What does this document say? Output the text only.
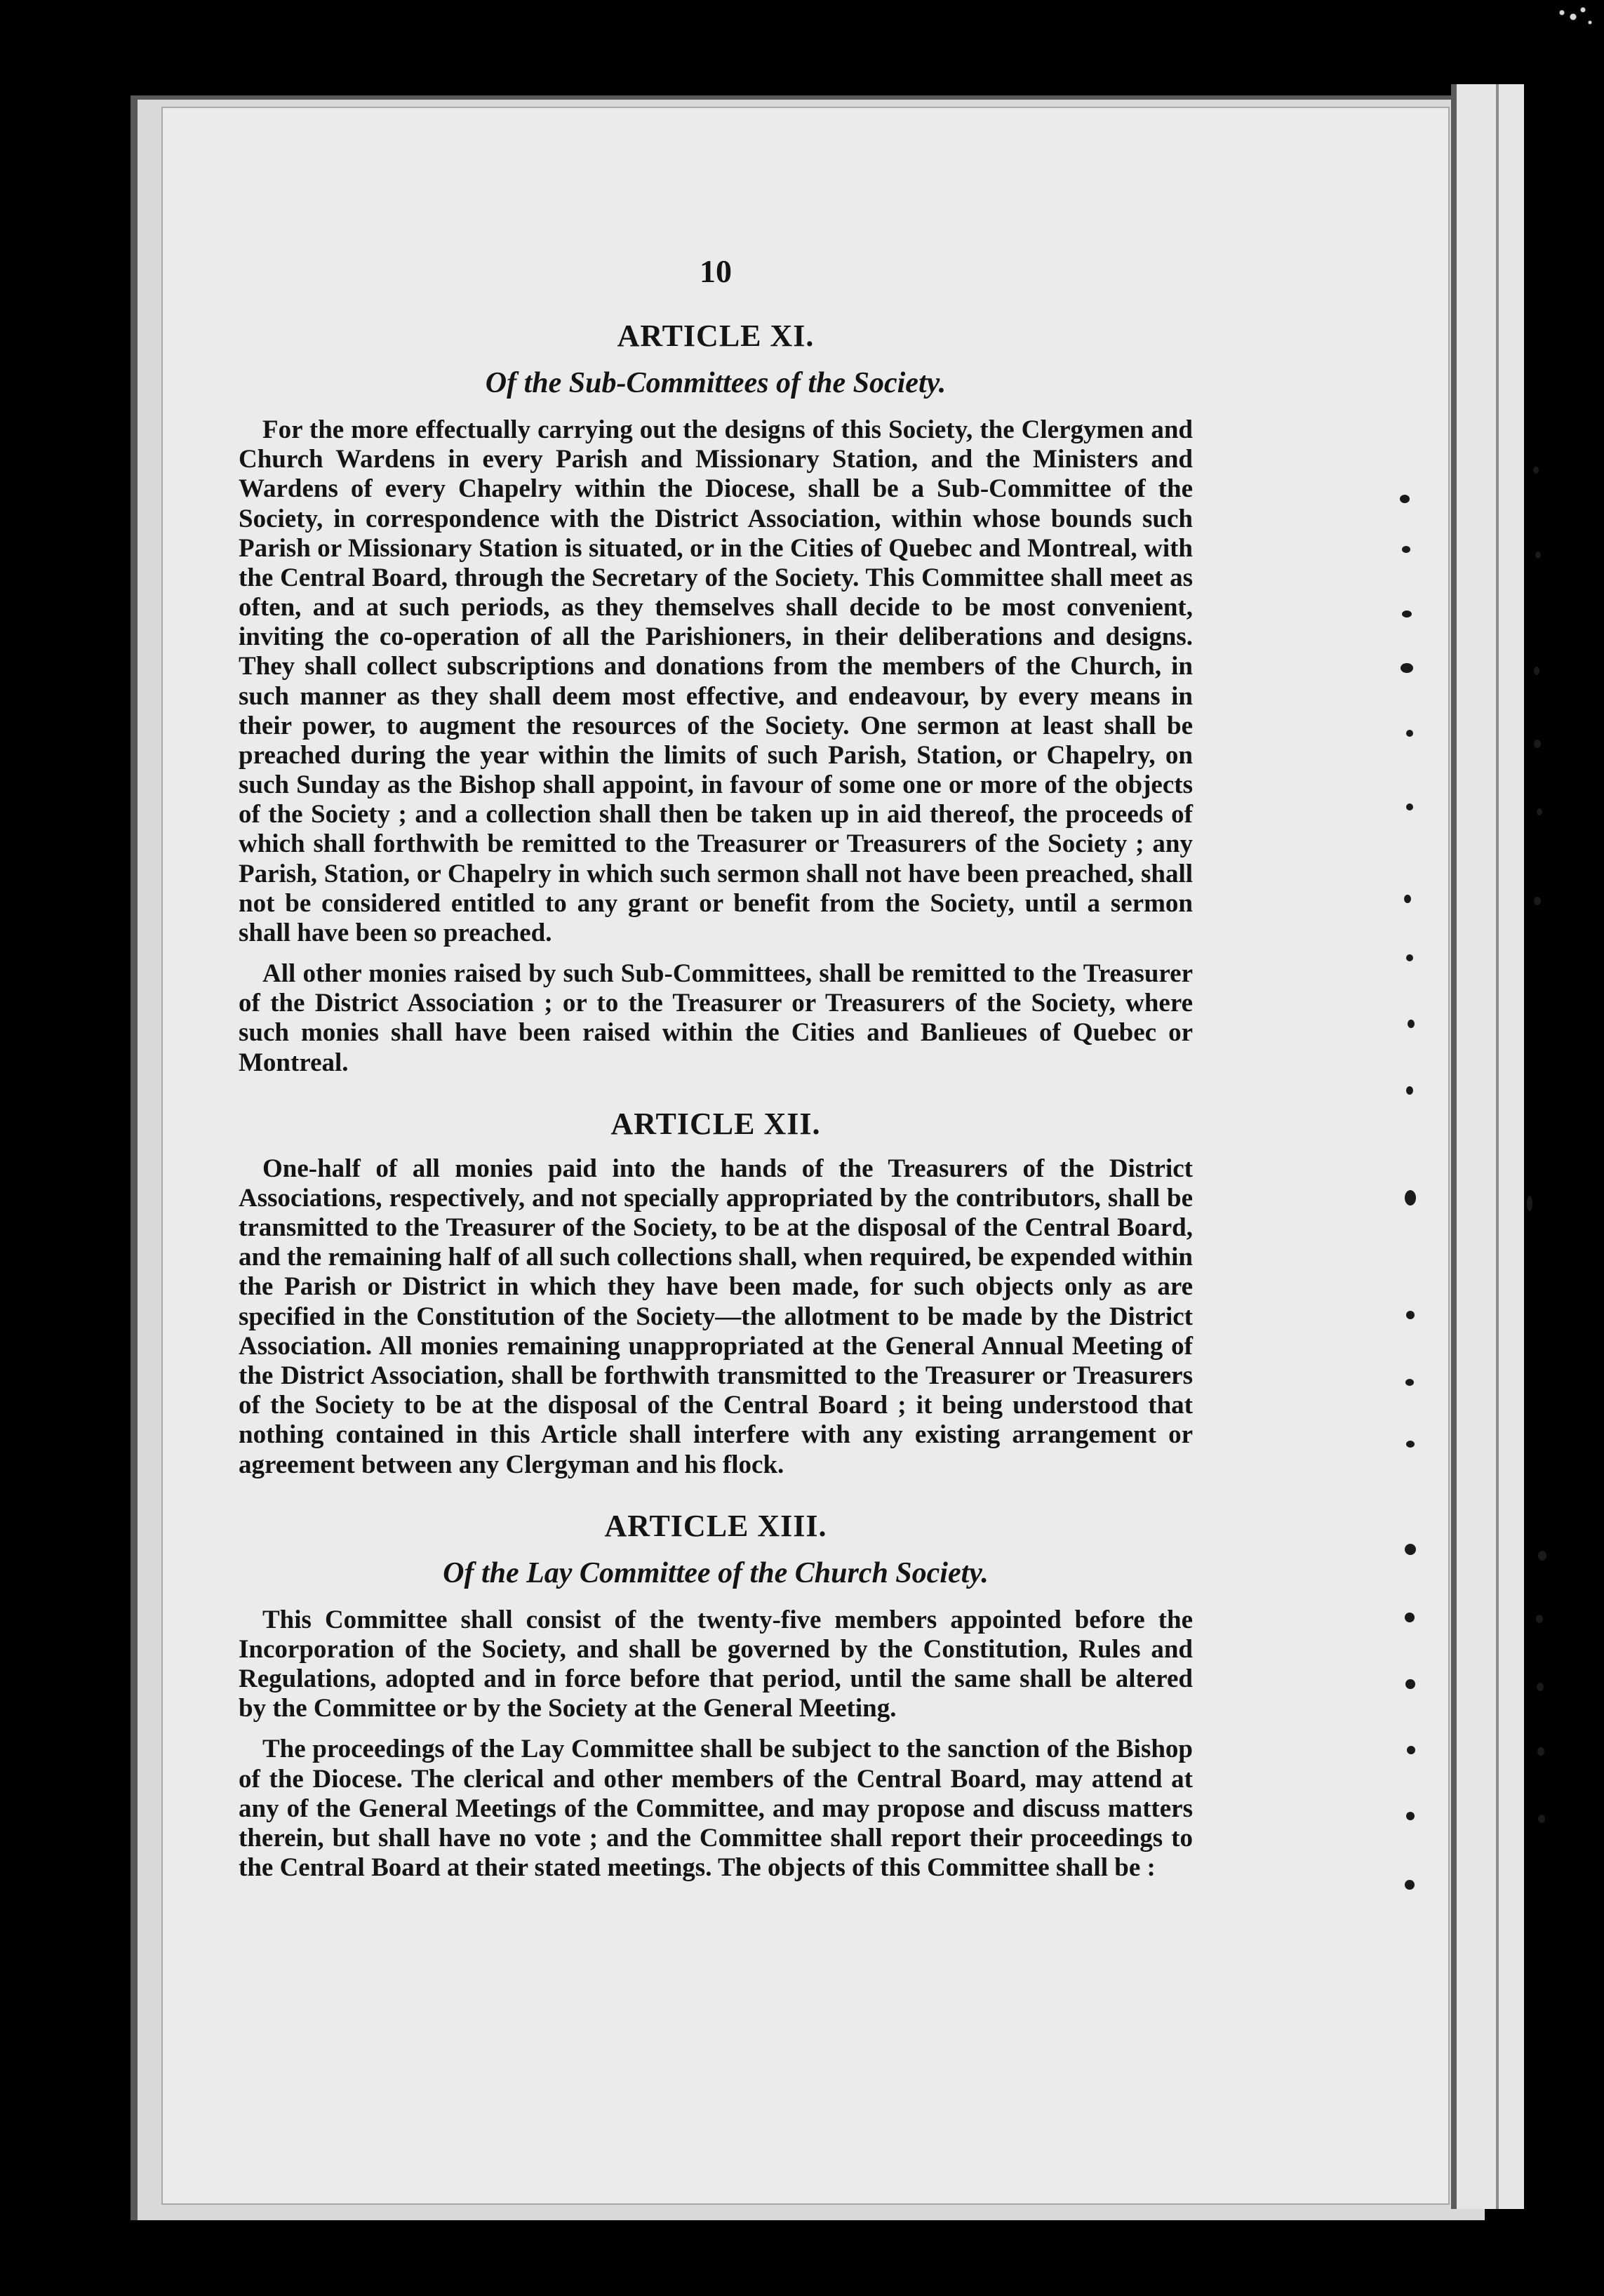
10
ARTICLE XI.
Of the Sub-Committees of the Society.

For the more effectually carrying out the designs of this Society, the Clergymen and Church Wardens in every Parish and Missionary Station, and the Ministers and Wardens of every Chapelry within the Diocese, shall be a Sub-Committee of the Society, in correspondence with the District Association, within whose bounds such Parish or Missionary Station is situated, or in the Cities of Quebec and Montreal, with the Central Board, through the Secretary of the Society. This Committee shall meet as often, and at such periods, as they themselves shall decide to be most convenient, inviting the co-operation of all the Parishioners, in their deliberations and designs. They shall collect subscriptions and donations from the members of the Church, in such manner as they shall deem most effective, and endeavour, by every means in their power, to augment the resources of the Society. One sermon at least shall be preached during the year within the limits of such Parish, Station, or Chapelry, on such Sunday as the Bishop shall appoint, in favour of some one or more of the objects of the Society ; and a collection shall then be taken up in aid thereof, the proceeds of which shall forthwith be remitted to the Treasurer or Treasurers of the Society ; any Parish, Station, or Chapelry in which such sermon shall not have been preached, shall not be considered entitled to any grant or benefit from the Society, until a sermon shall have been so preached.

All other monies raised by such Sub-Committees, shall be remitted to the Treasurer of the District Association ; or to the Treasurer or Treasurers of the Society, where such monies shall have been raised within the Cities and Banlieues of Quebec or Montreal.

ARTICLE XII.

One-half of all monies paid into the hands of the Treasurers of the District Associations, respectively, and not specially appropriated by the contributors, shall be transmitted to the Treasurer of the Society, to be at the disposal of the Central Board, and the remaining half of all such collections shall, when required, be expended within the Parish or District in which they have been made, for such objects only as are specified in the Constitution of the Society—the allotment to be made by the District Association. All monies remaining unappropriated at the General Annual Meeting of the District Association, shall be forthwith transmitted to the Treasurer or Treasurers of the Society to be at the disposal of the Central Board ; it being understood that nothing contained in this Article shall interfere with any existing arrangement or agreement between any Clergyman and his flock.

ARTICLE XIII.
Of the Lay Committee of the Church Society.

This Committee shall consist of the twenty-five members appointed before the Incorporation of the Society, and shall be governed by the Constitution, Rules and Regulations, adopted and in force before that period, until the same shall be altered by the Committee or by the Society at the General Meeting.

The proceedings of the Lay Committee shall be subject to the sanction of the Bishop of the Diocese. The clerical and other members of the Central Board, may attend at any of the General Meetings of the Committee, and may propose and discuss matters therein, but shall have no vote ; and the Committee shall report their proceedings to the Central Board at their stated meetings. The objects of this Committee shall be :
